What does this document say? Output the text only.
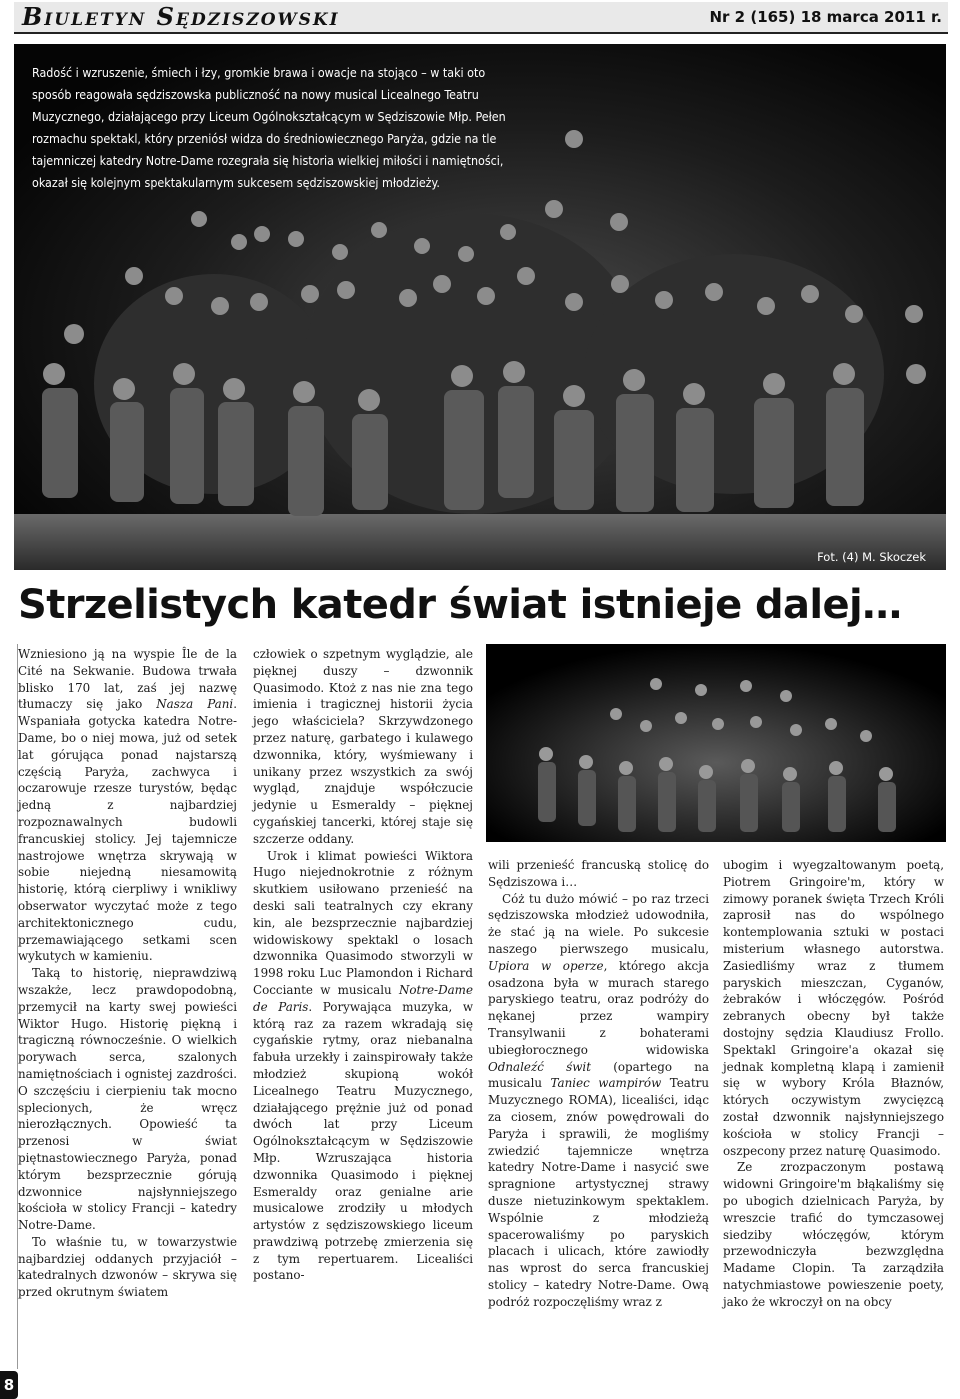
Biuletyn Sędziszowski	Nr 2 (165) 18 marca 2011 r.
Radość i wzruszenie, śmiech i łzy, gromkie brawa i owacje na stojąco – w taki oto sposób reagowała sędziszowska publiczność na nowy musical Licealnego Teatru Muzycznego, działającego przy Liceum Ogólnokształcącym w Sędziszowie Młp. Pełen rozmachu spektakl, który przeniósł widza do średniowiecznego Paryża, gdzie na tle tajemniczej katedry Notre-Dame rozegrała się historia wielkiej miłości i namiętności, okazał się kolejnym spektakularnym sukcesem sędziszowskiej młodzieży.
Fot. (4) M. Skoczek
Strzelistych katedr świat istnieje dalej…

Wzniesiono ją na wyspie Île de la Cité na Sekwanie. Budowa trwała blisko 170 lat, zaś jej nazwę tłumaczy się jako Nasza Pani. Wspaniała gotycka katedra Notre-Dame, bo o niej mowa, już od setek lat górująca ponad najstarszą częścią Paryża, zachwyca i oczarowuje rzesze turystów, będąc jedną z najbardziej rozpoznawalnych budowli francuskiej stolicy. Jej tajemnicze nastrojowe wnętrza skrywają w sobie niejedną niesamowitą historię, którą cierpliwy i wnikliwy obserwator wyczytać może z tego architektonicznego cudu, przemawiającego setkami scen wykutych w kamieniu.

Taką to historię, nieprawdziwą wszakże, lecz prawdopodobną, przemycił na karty swej powieści Wiktor Hugo. Historię piękną i tragiczną równocześnie. O wielkich porywach serca, szalonych namiętnościach i ognistej zazdrości. O szczęściu i cierpieniu tak mocno splecionych, że wręcz nierozłącznych. Opowieść ta przenosi w świat piętnastowiecznego Paryża, ponad którym bezsprzecznie górują dzwonnice najsłynniejszego kościoła w stolicy Francji – katedry Notre-Dame.

To właśnie tu, w towarzystwie najbardziej oddanych przyjaciół – katedralnych dzwonów – skrywa się przed okrutnym światem

człowiek o szpetnym wyglądzie, ale pięknej duszy – dzwonnik Quasimodo. Ktoż z nas nie zna tego imienia i tragicznej historii życia jego właściciela? Skrzywdzonego przez naturę, garbatego i kulawego dzwonnika, który, wyśmiewany i unikany przez wszystkich za swój wygląd, znajduje współczucie jedynie u Esmeraldy – pięknej cygańskiej tancerki, której staje się szczerze oddany.

Urok i klimat powieści Wiktora Hugo niejednokrotnie z różnym skutkiem usiłowano przenieść na deski sali teatralnych czy ekrany kin, ale bezsprzecznie najbardziej widowiskowy spektakl o losach dzwonnika Quasimodo stworzyli w 1998 roku Luc Plamondon i Richard Cocciante w musicalu Notre-Dame de Paris. Porywająca muzyka, w którą raz za razem wkradają się cygańskie rytmy, oraz niebanalna fabuła urzekły i zainspirowały także młodzież skupioną wokół Licealnego Teatru Muzycznego, działającego prężnie już od ponad dwóch lat przy Liceum Ogólnokształcącym w Sędziszowie Młp. Wzruszająca historia dzwonnika Quasimodo i pięknej Esmeraldy oraz genialne arie musicalowe zrodziły u młodych artystów z sędziszowskiego liceum prawdziwą potrzebę zmierzenia się z tym repertuarem. Licealiści postano-

wili przenieść francuską stolicę do Sędziszowa i…

Cóż tu dużo mówić – po raz trzeci sędziszowska młodzież udowodniła, że stać ją na wiele. Po sukcesie naszego pierwszego musicalu, Upiora w operze, któregо akcja osadzona była w murach starego paryskiego teatru, oraz podróży do nękanej przez wampiry Transylwanii z bohaterami ubiegłorocznego widowiska Odnaleźć świt (opartego na musicalu Taniec wampirów Teatru Muzycznego ROMA), licealiści, idąc za ciosem, znów powędrowali do Paryża i sprawili, że mogliśmy zwiedzić tajemnicze wnętrza katedry Notre-Dame i nasycić swe spragnione artystycznej strawy dusze nietuzinkowym spektaklem. Wspólnie z młodzieżą spacerowaliśmy po paryskich placach i ulicach, które zawiodły nas wprost do serca francuskiej stolicy – katedry Notre-Dame. Ową podróż rozpoczęliśmy wraz z

ubogim i wyegzaltowanym poetą, Piotrem Gringoire'm, który w zimowy poranek święta Trzech Króli zaprosił nas do wspólnego kontemplowania sztuki w postaci misterium własnego autorstwa. Zasiedliśmy wraz z tłumem paryskich mieszczan, Cyganów, żebraków i włóczęgów. Pośród zebranych obecny był także dostojny sędzia Klaudiusz Frollo. Spektakl Gringoire'a okazał się jednak kompletną klapą i zamienił się w wybory Króla Błaznów, których oczywistym zwycięzcą został dzwonnik najsłynniejszego kościoła w stolicy Francji – oszpecony przez naturę Quasimodo.

Ze zrozpaczonym postawą widowni Gringoire'm błąkaliśmy się po ubogich dzielnicach Paryża, by wreszcie trafić do tymczasowej siedziby włóczęgów, którym przewodniczyła bezwzględna Madame Clopin. Ta zarządziła natychmiastowe powieszenie poety, jako że wkroczył on na obcy

8
